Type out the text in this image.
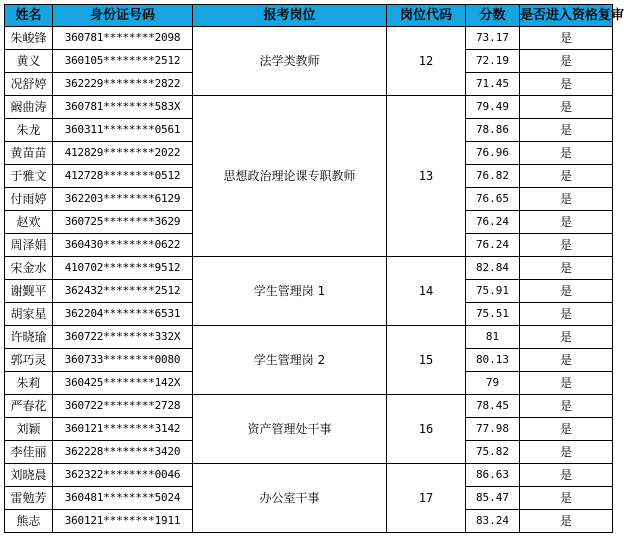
姓名	身份证号码	报考岗位	岗位代码	分数	是否进入资格复审
朱峻锋	360781********2098	法学类教师	12	73.17	是
黄义	360105********2512			72.19	是
况舒婷	362229********2822			71.45	是
阚曲涛	360781********583X	思想政治理论课专职教师	13	79.49	是
朱龙	360311********0561			78.86	是
黄苗苗	412829********2022			76.96	是
于雅文	412728********0512			76.82	是
付雨婷	362203********6129			76.65	是
赵欢	360725********3629			76.24	是
周泽娟	360430********0622			76.24	是
宋金水	410702********9512	学生管理岗 1	14	82.84	是
谢觐平	362432********2512			75.91	是
胡家星	362204********6531			75.51	是
许晓瑜	360722********332X	学生管理岗 2	15	81	是
郭巧灵	360733********0080			80.13	是
朱莉	360425********142X			79	是
严春花	360722********2728	资产管理处干事	16	78.45	是
刘颖	360121********3142			77.98	是
李佳丽	362228********3420			75.82	是
刘晓晨	362322********0046	办公室干事	17	86.63	是
雷勉芳	360481********5024			85.47	是
熊志	360121********1911			83.24	是
